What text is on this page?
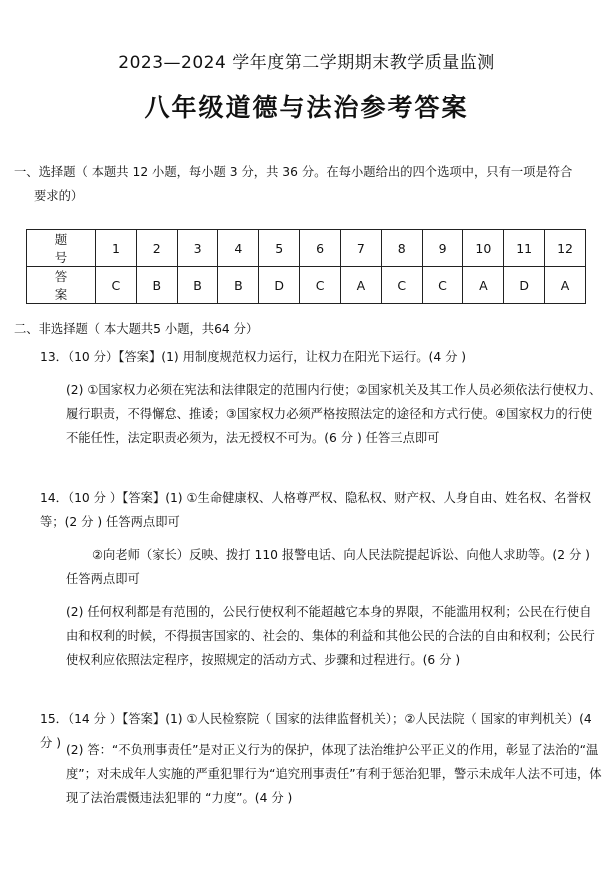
2023—2024 学年度第二学期期末教学质量监测
八年级道德与法治参考答案
一、选择题（ 本题共 12 小题，每小题 3 分，共 36 分。在每小题给出的四个选项中，只有一项是符合
要求的）
题 号	1	2	3	4	5	6	7	8	9	10	11	12
答 案	C	B	B	B	D	C	A	C	C	A	D	A
二、非选择题（ 本大题共5 小题，共64 分）

13．（10 分）【答案】(1) 用制度规范权力运行，让权力在阳光下运行。(4 分 )

(2) ①国家权力必须在宪法和法律限定的范围内行使；②国家机关及其工作人员必须依法行使权力、履行职责，不得懈怠、推诿；③国家权力必须严格按照法定的途径和方式行使。④国家权力的行使不能任性，法定职责必须为，法无授权不可为。(6 分 ) 任答三点即可

14．（10 分 ）【答案】(1) ①生命健康权、人格尊严权、隐私权、财产权、人身自由、姓名权、名誉权等；(2 分 ) 任答两点即可

②向老师（家长）反映、拨打 110 报警电话、向人民法院提起诉讼、向他人求助等。(2 分 ) 任答两点即可

(2) 任何权利都是有范围的，公民行使权利不能超越它本身的界限，不能滥用权利；公民在行使自由和权利的时候，不得损害国家的、社会的、集体的利益和其他公民的合法的自由和权利；公民行使权利应依照法定程序，按照规定的活动方式、步骤和过程进行。(6 分 )

15．（14 分 ）【答案】(1) ①人民检察院（ 国家的法律监督机关）；②人民法院（ 国家的审判机关）(4 分 ) (2) 答：“不负刑事责任”是对正义行为的保护，体现了法治维护公平正义的作用，彰显了法治的“温度”；对未成年人实施的严重犯罪行为“追究刑事责任”有利于惩治犯罪，警示未成年人法不可违，体现了法治震慑违法犯罪的 “力度”。(4 分 )
